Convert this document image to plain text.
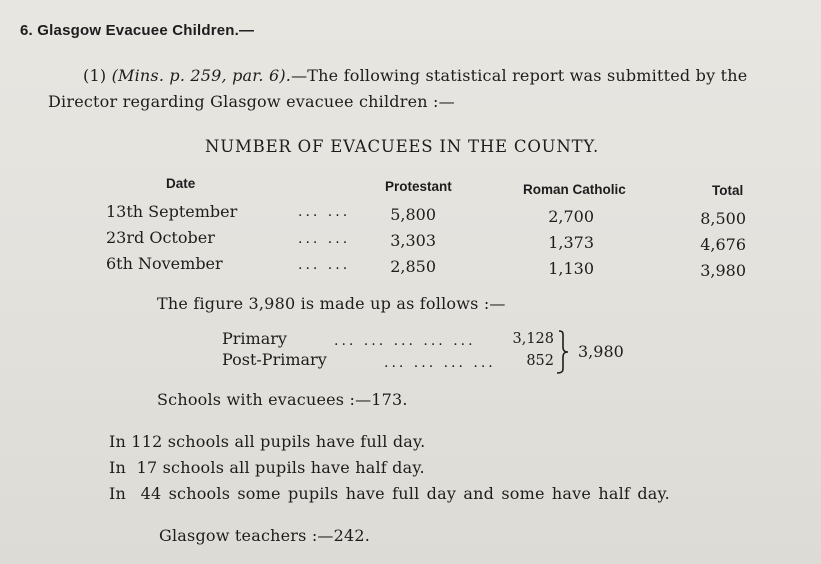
6. Glasgow Evacuee Children.—
(1) (Mins. p. 259, par. 6).—The following statistical report was submitted by the
Director regarding Glasgow evacuee children :—
NUMBER OF EVACUEES IN THE COUNTY.
Date	Protestant	Roman Catholic	Total
13th September	... ...	5,800	2,700	8,500
23rd October	... ...	3,303	1,373	4,676
6th November	... ...	2,850	1,130	3,980
The figure 3,980 is made up as follows :—
Primary	... ... ... ... ...	3,128
Post-Primary	... ... ... ...	852 3,980
Schools with evacuees :—173.
In 112 schools all pupils have full day.
In  17 schools all pupils have half day.
In  44 schools some pupils have full day and some have half day.
Glasgow teachers :—242.
